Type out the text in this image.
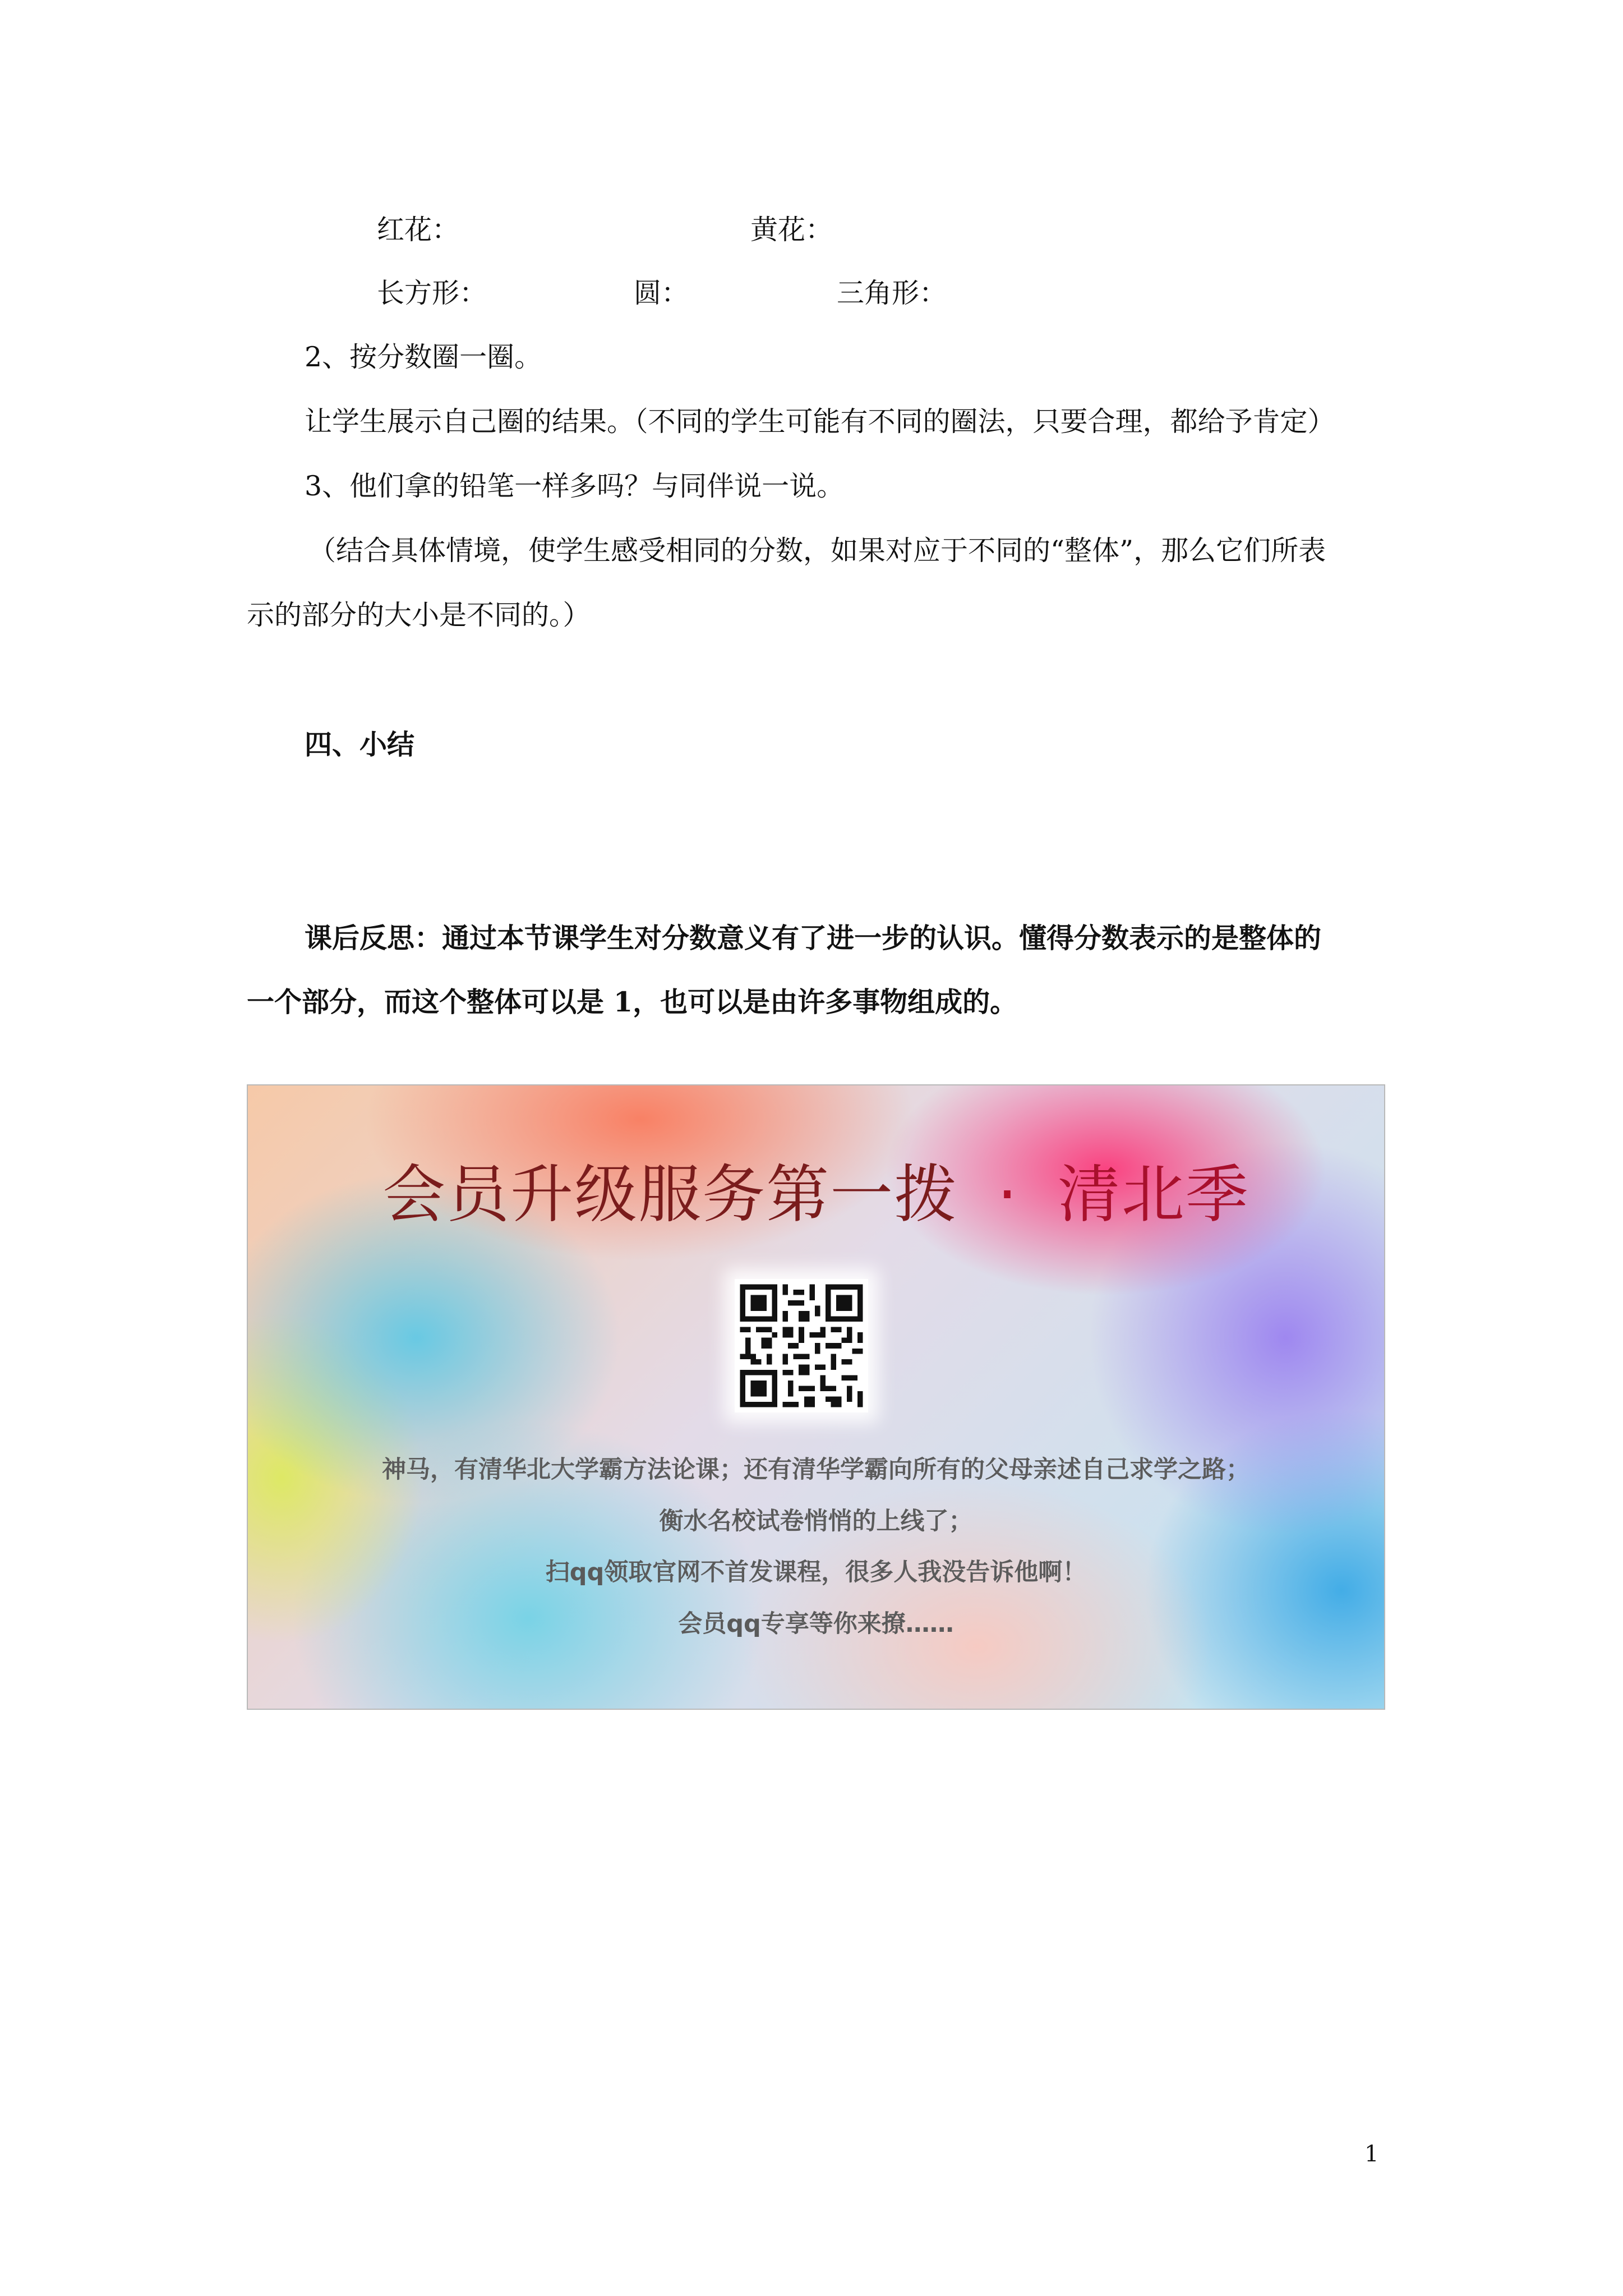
红花：	黄花：
长方形：	圆：	三角形：
2、按分数圈一圈。
让学生展示自己圈的结果。（不同的学生可能有不同的圈法，只要合理，都给予肯定）
3、他们拿的铅笔一样多吗？与同伴说一说。
（结合具体情境，使学生感受相同的分数，如果对应于不同的“整体”，那么它们所表
示的部分的大小是不同的。）
四、小结
课后反思：通过本节课学生对分数意义有了进一步的认识。懂得分数表示的是整体的
一个部分，而这个整体可以是 1，也可以是由许多事物组成的。
会员升级服务第一拨 · 清北季
神马，有清华北大学霸方法论课；还有清华学霸向所有的父母亲述自己求学之路；
衡水名校试卷悄悄的上线了；
扫qq领取官网不首发课程，很多人我没告诉他啊！
会员qq专享等你来撩……
1
